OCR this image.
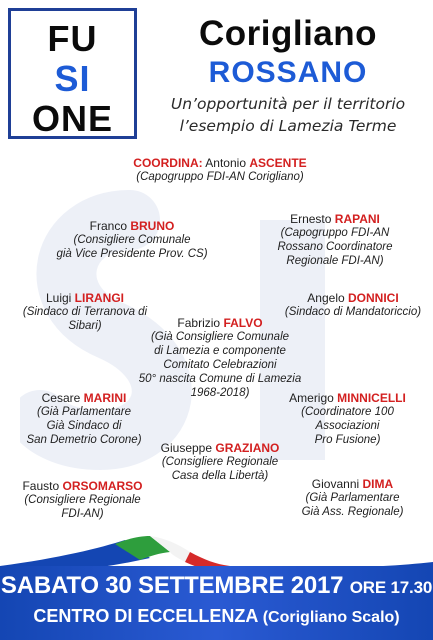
FU
SI
ONE
Corigliano
ROSSANO
Un’opportunità per il territorio
l’esempio di Lamezia Terme
COORDINA: Antonio ASCENTE
(Capogruppo FDI-AN Corigliano)
Franco BRUNO
(Consigliere Comunale
già Vice Presidente Prov. CS)
Ernesto RAPANI
(Capogruppo FDI-AN
Rossano Coordinatore
Regionale FDI-AN)
Luigi LIRANGI
(Sindaco di Terranova di
Sibari)	Fabrizio FALVO
(Già Consigliere Comunale
di Lamezia e componente
Comitato Celebrazioni
50° nascita Comune di Lamezia
1968-2018)
Angelo DONNICI
(Sindaco di Mandatoriccio)
Cesare MARINI
(Già Parlamentare
Già Sindaco di
San Demetrio Corone)
Amerigo MINNICELLI
(Coordinatore 100
Associazioni
Pro Fusione)
Giuseppe GRAZIANO
(Consigliere Regionale
Casa della Libertà)
Fausto ORSOMARSO
(Consigliere Regionale
FDI-AN)
Giovanni DIMA
(Già Parlamentare
Già Ass. Regionale)
SABATO 30 SETTEMBRE 2017 ORE 17.30
CENTRO DI ECCELLENZA (Corigliano Scalo)
